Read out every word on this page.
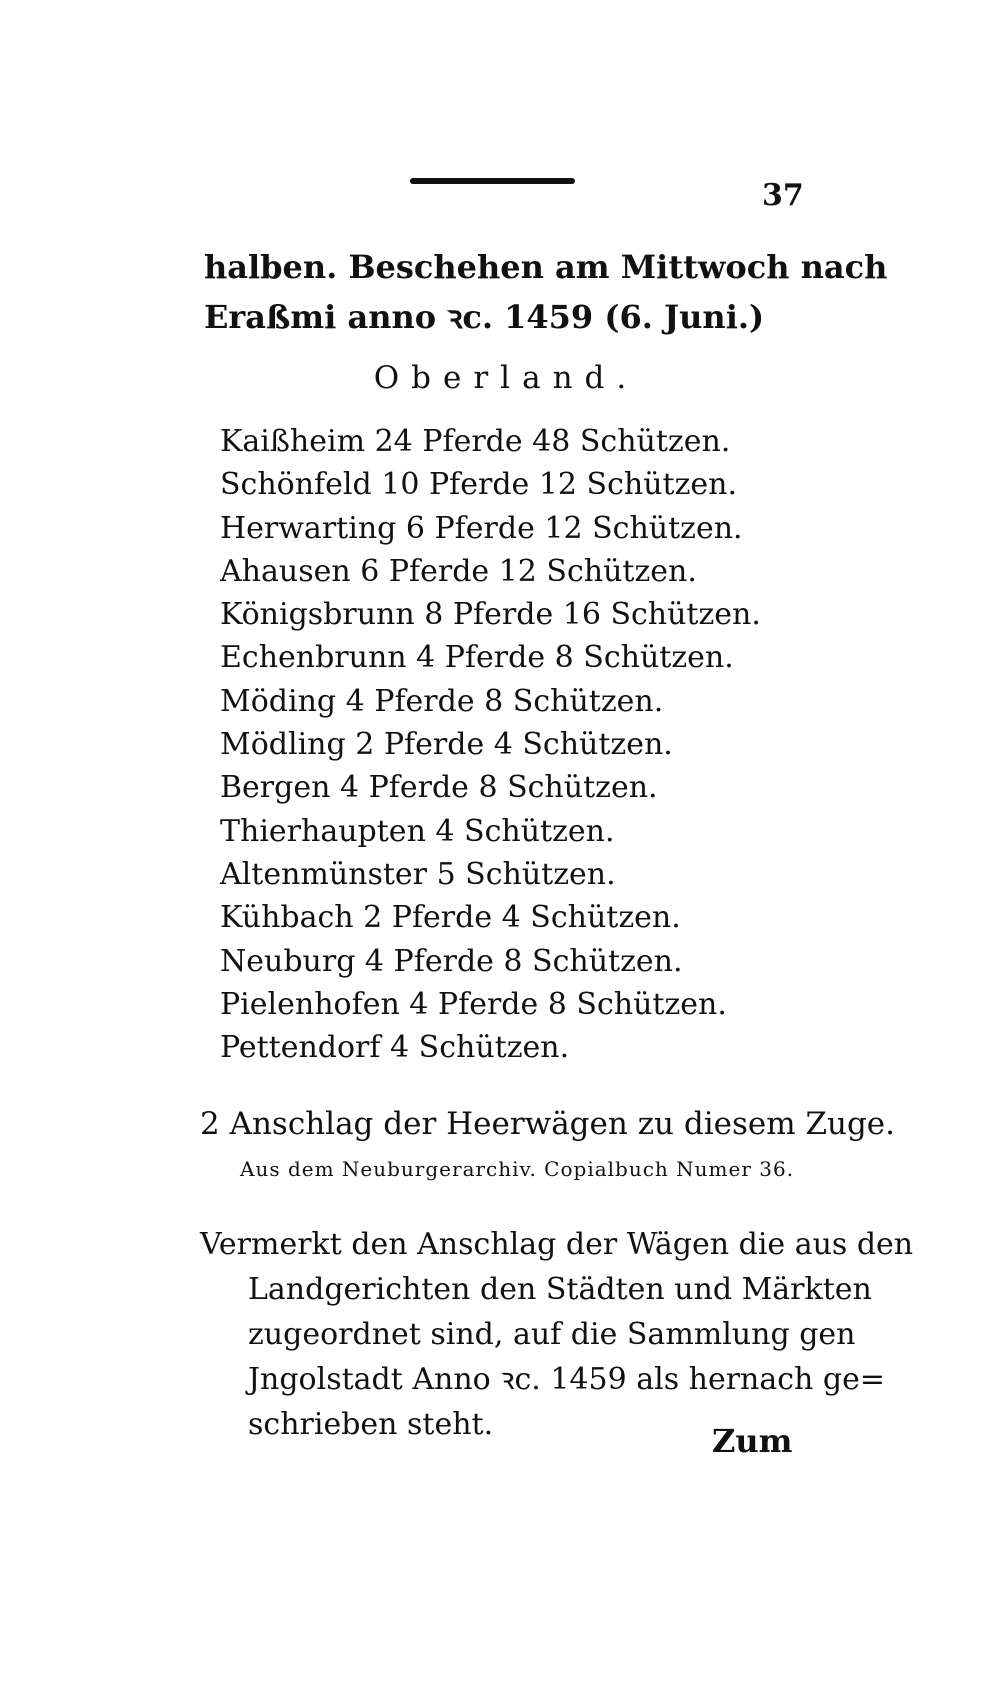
37
halben. Beschehen am Mittwoch nach
Eraßmi anno ꝛc. 1459 (6. Juni.)
Oberland.
Kaißheim 24 Pferde 48 Schützen.
Schönfeld 10 Pferde 12 Schützen.
Herwarting 6 Pferde 12 Schützen.
Ahausen 6 Pferde 12 Schützen.
Königsbrunn 8 Pferde 16 Schützen.
Echenbrunn 4 Pferde 8 Schützen.
Möding 4 Pferde 8 Schützen.
Mödling 2 Pferde 4 Schützen.
Bergen 4 Pferde 8 Schützen.
Thierhaupten 4 Schützen.
Altenmünster 5 Schützen.
Kühbach 2 Pferde 4 Schützen.
Neuburg 4 Pferde 8 Schützen.
Pielenhofen 4 Pferde 8 Schützen.
Pettendorf 4 Schützen.
2 Anschlag der Heerwägen zu diesem Zuge.
Aus dem Neuburgerarchiv. Copialbuch Numer 36.
Vermerkt den Anschlag der Wägen die aus den
Landgerichten den Städten und Märkten
zugeordnet sind, auf die Sammlung gen
Jngolstadt Anno ꝛc. 1459 als hernach ge=
schrieben steht.	Zum
